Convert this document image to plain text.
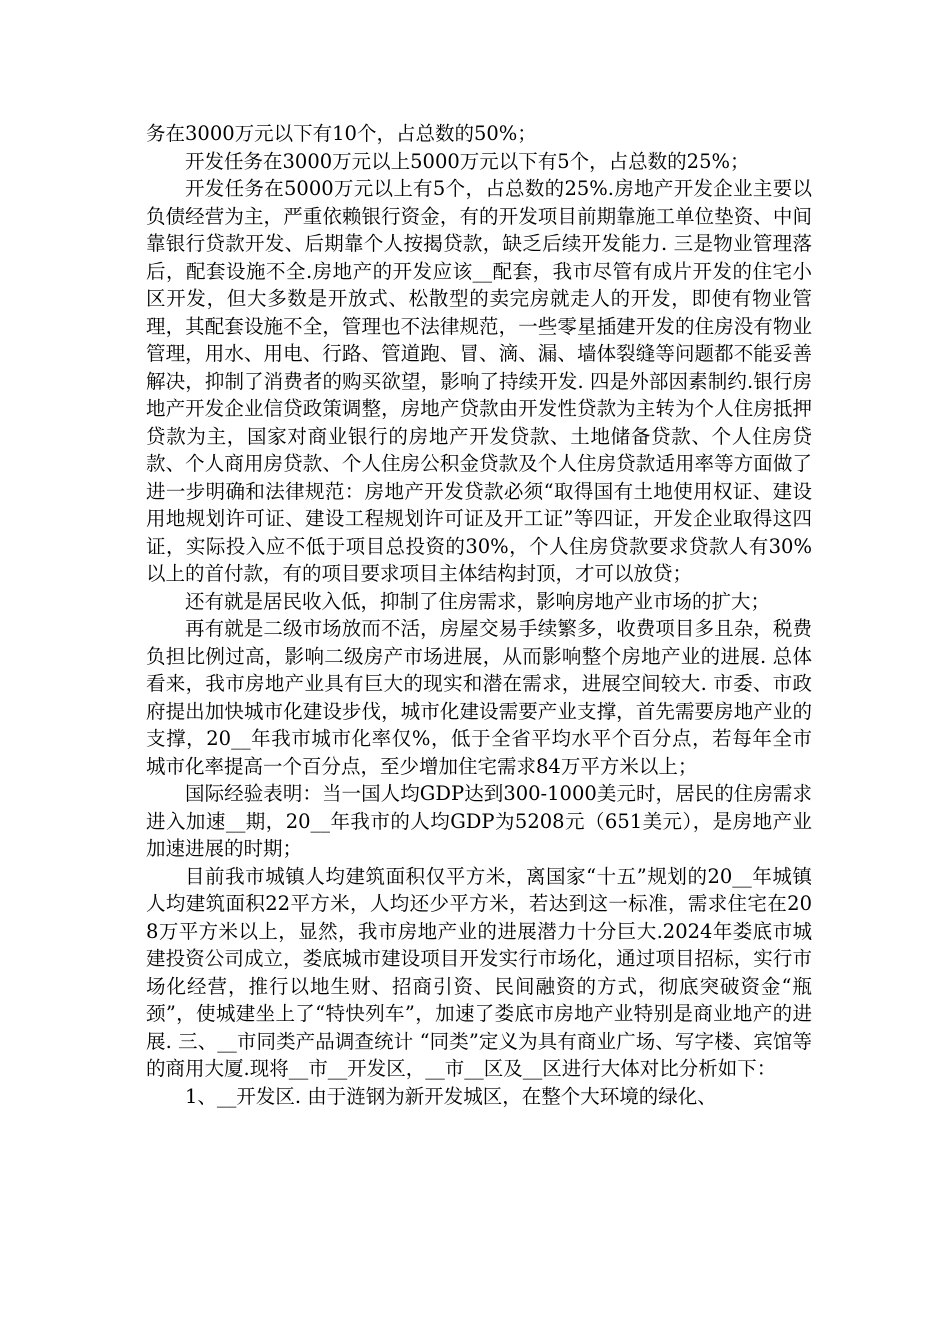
务在3000万元以下有10个，占总数的50%；

开发任务在3000万元以上5000万元以下有5个，占总数的25%；

开发任务在5000万元以上有5个，占总数的25%.房地产开发企业主要以负债经营为主，严重依赖银行资金，有的开发项目前期靠施工单位垫资、中间靠银行贷款开发、后期靠个人按揭贷款，缺乏后续开发能力. 三是物业管理落后，配套设施不全.房地产的开发应该__配套，我市尽管有成片开发的住宅小区开发，但大多数是开放式、松散型的卖完房就走人的开发，即使有物业管理，其配套设施不全，管理也不法律规范，一些零星插建开发的住房没有物业管理，用水、用电、行路、管道跑、冒、滴、漏、墙体裂缝等问题都不能妥善解决，抑制了消费者的购买欲望，影响了持续开发. 四是外部因素制约.银行房地产开发企业信贷政策调整，房地产贷款由开发性贷款为主转为个人住房抵押贷款为主，国家对商业银行的房地产开发贷款、土地储备贷款、个人住房贷款、个人商用房贷款、个人住房公积金贷款及个人住房贷款适用率等方面做了进一步明确和法律规范：房地产开发贷款必须“取得国有土地使用权证、建设用地规划许可证、建设工程规划许可证及开工证”等四证，开发企业取得这四证，实际投入应不低于项目总投资的30%，个人住房贷款要求贷款人有30%以上的首付款，有的项目要求项目主体结构封顶，才可以放贷；

还有就是居民收入低，抑制了住房需求，影响房地产业市场的扩大；

再有就是二级市场放而不活，房屋交易手续繁多，收费项目多且杂，税费负担比例过高，影响二级房产市场进展，从而影响整个房地产业的进展. 总体看来，我市房地产业具有巨大的现实和潜在需求，进展空间较大. 市委、市政府提出加快城市化建设步伐，城市化建设需要产业支撑，首先需要房地产业的支撑，20__年我市城市化率仅%，低于全省平均水平个百分点，若每年全市城市化率提高一个百分点，至少增加住宅需求84万平方米以上；

国际经验表明：当一国人均GDP达到300-1000美元时，居民的住房需求进入加速__期，20__年我市的人均GDP为5208元（651美元），是房地产业加速进展的时期；

目前我市城镇人均建筑面积仅平方米，离国家“十五”规划的20__年城镇人均建筑面积22平方米，人均还少平方米，若达到这一标准，需求住宅在208万平方米以上，显然，我市房地产业的进展潜力十分巨大.2024年娄底市城建投资公司成立，娄底城市建设项目开发实行市场化，通过项目招标，实行市场化经营，推行以地生财、招商引资、民间融资的方式，彻底突破资金“瓶颈”，使城建坐上了“特快列车”，加速了娄底市房地产业特别是商业地产的进展. 三、__市同类产品调查统计 “同类”定义为具有商业广场、写字楼、宾馆等的商用大厦.现将__市__开发区，__市__区及__区进行大体对比分析如下：

1、__开发区. 由于涟钢为新开发城区，在整个大环境的绿化、
